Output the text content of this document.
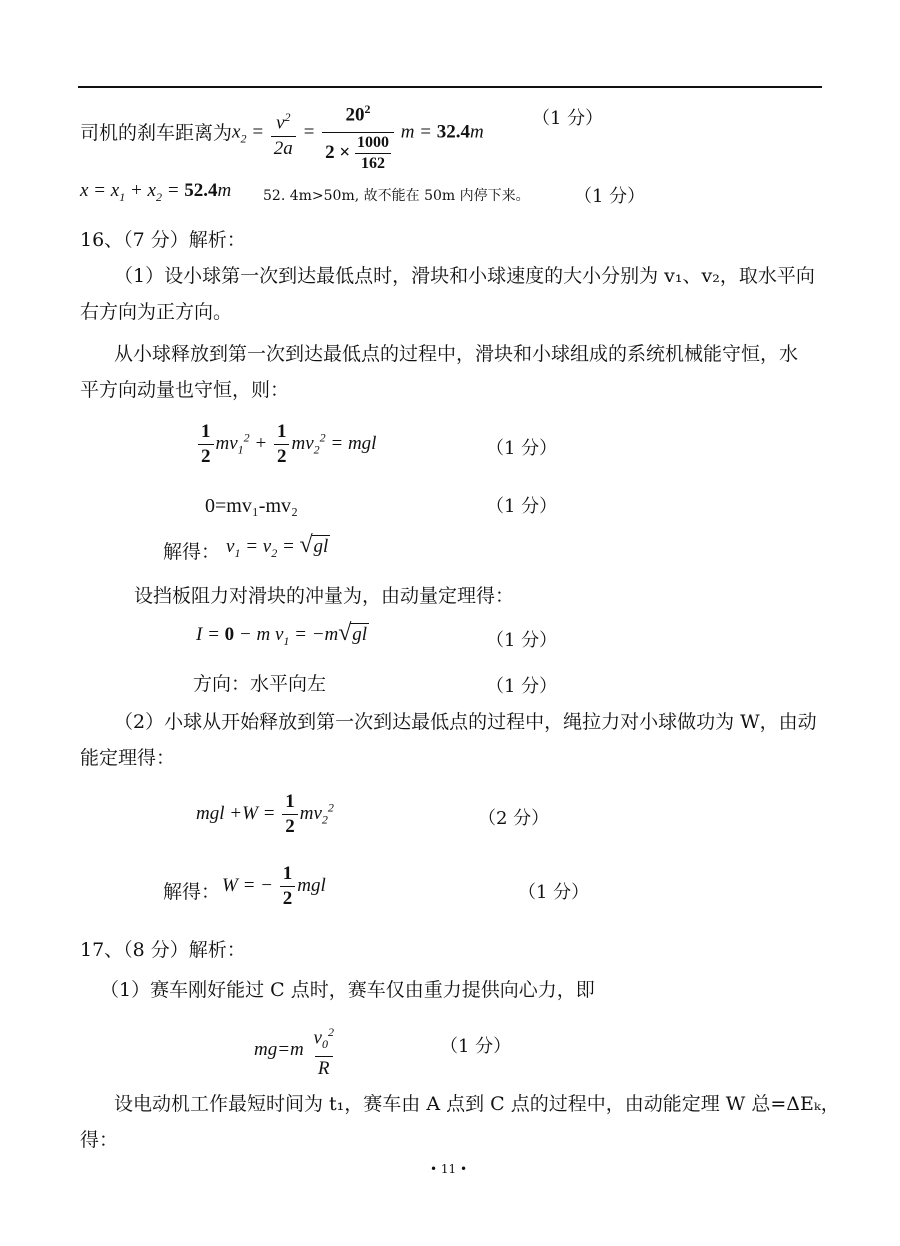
司机的刹车距离为 $x_2 = \frac{v^2}{2a} = \frac{20^2}{2 \times \frac{1000}{162}}$ m = 32.4m
（1 分）
$x = x_1 + x_2 = 52.4m$ 52. 4m>50m, 故不能在 50m 内停下来。 （1 分）
16、（7 分）解析：
（1）设小球第一次到达最低点时，滑块和小球速度的大小分别为 v₁、v₂，取水平向
右方向为正方向。
从小球释放到第一次到达最低点的过程中，滑块和小球组成的系统机械能守恒，水
平方向动量也守恒，则：
$\frac{1}{2} mv_1^2 + \frac{1}{2} mv_2^2$ = mgl	（1 分）
0=mv₁-mv₂	（1 分）
解得： $v_1 = v_2$ = √ gl
设挡板阻力对滑块的冲量为，由动量定理得：
I = 0 − m $v_1 = -m√$ gl	（1 分）
方向：水平向左	（1 分）
（2）小球从开始释放到第一次到达最低点的过程中，绳拉力对小球做功为 W，由动
能定理得：
mgl $+W = \frac{1}{2} mv_2^2$
（2 分）
解得： W = − $\frac{1}{2}$ mgl	（1 分）
17、（8 分）解析：
（1）赛车刚好能过 C 点时，赛车仅由重力提供向心力，即
$mg=m \frac{v_0^2}{R}$	（1 分）
设电动机工作最短时间为 t₁，赛车由 A 点到 C 点的过程中，由动能定理 W 总=ΔEₖ，
得：
• 11 •
